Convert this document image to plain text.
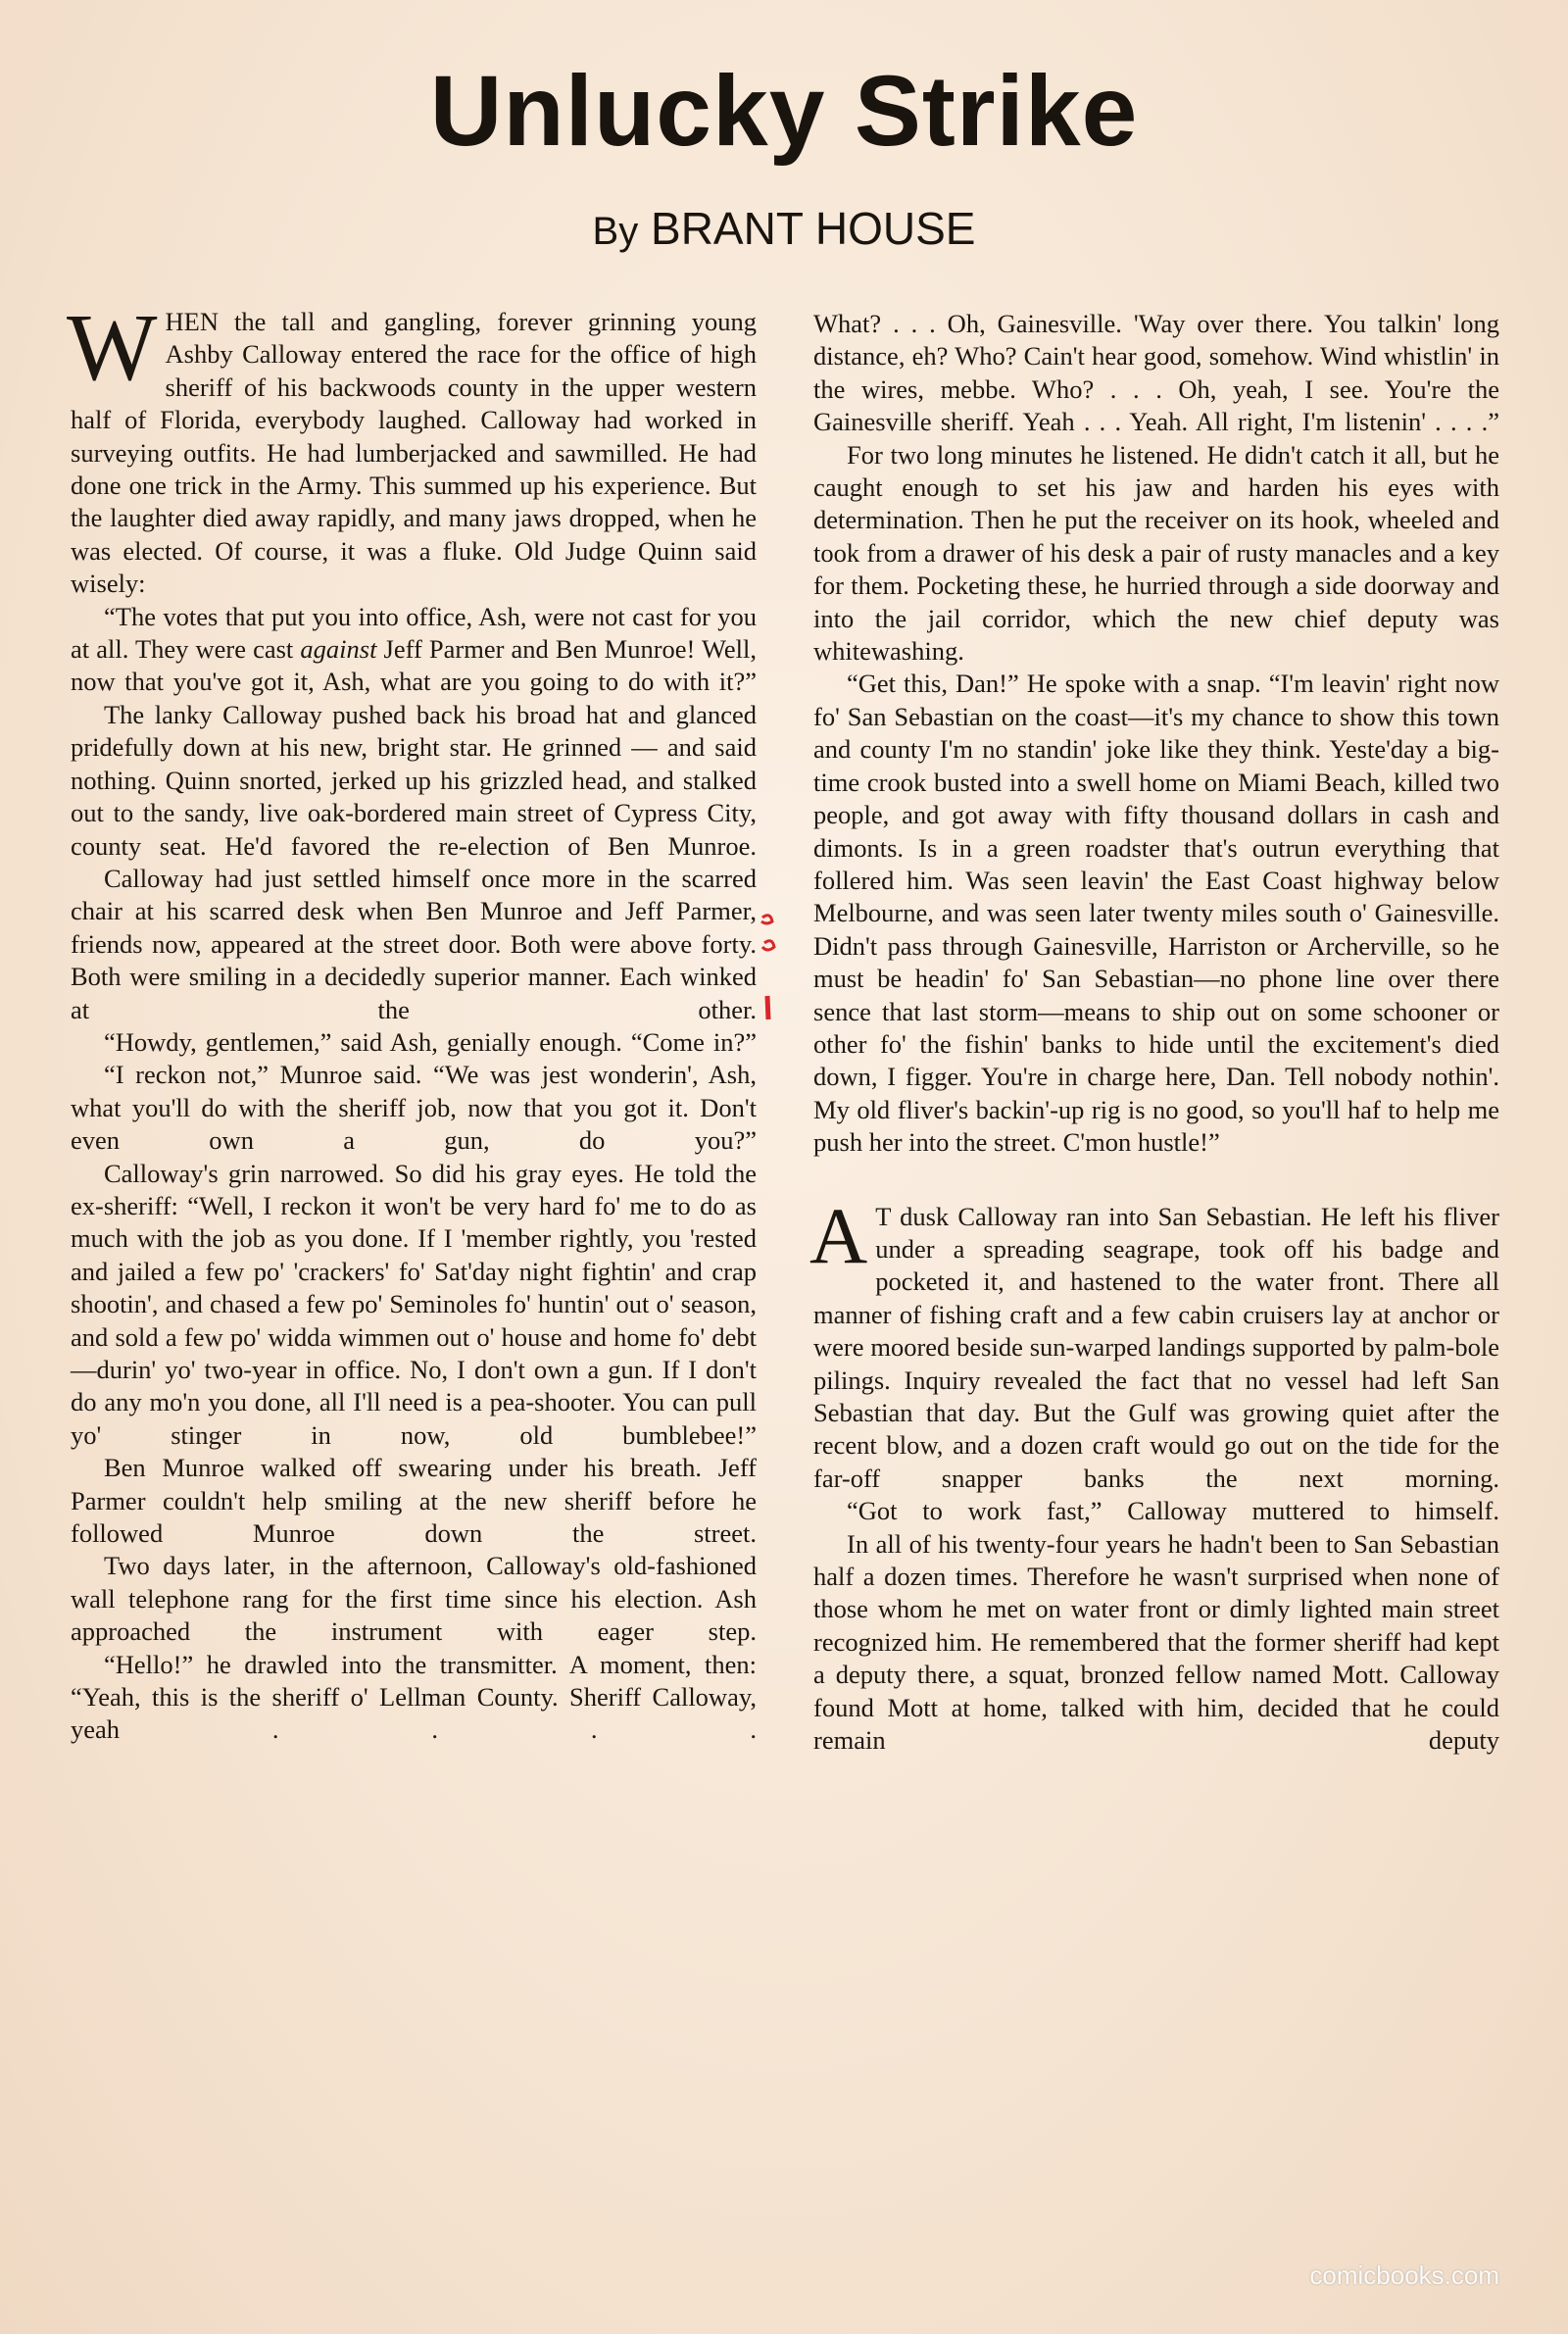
Unlucky Strike
By BRANT HOUSE

WHEN the tall and gangling, forever grinning young Ashby Calloway entered the race for the office of high sheriff of his backwoods county in the upper western half of Florida, everybody laughed. Calloway had worked in surveying outfits. He had lumberjacked and sawmilled. He had done one trick in the Army. This summed up his experience. But the laughter died away rapidly, and many jaws dropped, when he was elected. Of course, it was a fluke. Old Judge Quinn said wisely:

“The votes that put you into office, Ash, were not cast for you at all. They were cast against Jeff Parmer and Ben Munroe! Well, now that you've got it, Ash, what are you going to do with it?”

The lanky Calloway pushed back his broad hat and glanced pridefully down at his new, bright star. He grinned — and said nothing. Quinn snorted, jerked up his grizzled head, and stalked out to the sandy, live oak-bordered main street of Cypress City, county seat. He'd favored the re-election of Ben Munroe.

Calloway had just settled himself once more in the scarred chair at his scarred desk when Ben Munroe and Jeff Parmer, friends now, appeared at the street door. Both were above forty. Both were smiling in a decidedly superior manner. Each winked at the other.

“Howdy, gentlemen,” said Ash, genially enough. “Come in?”

“I reckon not,” Munroe said. “We was jest wonderin', Ash, what you'll do with the sheriff job, now that you got it. Don't even own a gun, do you?”

Calloway's grin narrowed. So did his gray eyes. He told the ex-sheriff: “Well, I reckon it won't be very hard fo' me to do as much with the job as you done. If I 'member rightly, you 'rested and jailed a few po' 'crackers' fo' Sat'day night fightin' and crap shootin', and chased a few po' Seminoles fo' huntin' out o' season, and sold a few po' widda wimmen out o' house and home fo' debt—durin' yo' two-year in office. No, I don't own a gun. If I don't do any mo'n you done, all I'll need is a pea-shooter. You can pull yo' stinger in now, old bumblebee!”

Ben Munroe walked off swearing under his breath. Jeff Parmer couldn't help smiling at the new sheriff before he followed Munroe down the street.

Two days later, in the afternoon, Calloway's old-fashioned wall telephone rang for the first time since his election. Ash approached the instrument with eager step.

“Hello!” he drawled into the transmitter. A moment, then: “Yeah, this is the sheriff o' Lellman County. Sheriff Calloway, yeah . . . .

What? . . . Oh, Gainesville. 'Way over there. You talkin' long distance, eh? Who? Cain't hear good, somehow. Wind whistlin' in the wires, mebbe. Who? . . . Oh, yeah, I see. You're the Gainesville sheriff. Yeah . . . Yeah. All right, I'm listenin' . . . .”

For two long minutes he listened. He didn't catch it all, but he caught enough to set his jaw and harden his eyes with determination. Then he put the receiver on its hook, wheeled and took from a drawer of his desk a pair of rusty manacles and a key for them. Pocketing these, he hurried through a side doorway and into the jail corridor, which the new chief deputy was whitewashing.

“Get this, Dan!” He spoke with a snap. “I'm leavin' right now fo' San Sebastian on the coast—it's my chance to show this town and county I'm no standin' joke like they think. Yeste'day a big-time crook busted into a swell home on Miami Beach, killed two people, and got away with fifty thousand dollars in cash and dimonts. Is in a green roadster that's outrun everything that follered him. Was seen leavin' the East Coast highway below Melbourne, and was seen later twenty miles south o' Gainesville. Didn't pass through Gainesville, Harriston or Archerville, so he must be headin' fo' San Sebastian—no phone line over there sence that last storm—means to ship out on some schooner or other fo' the fishin' banks to hide until the excitement's died down, I figger. You're in charge here, Dan. Tell nobody nothin'. My old fliver's backin'-up rig is no good, so you'll haf to help me push her into the street. C'mon hustle!”

A T dusk Calloway ran into San Sebastian. He left his fliver under a spreading seagrape, took off his badge and pocketed it, and hastened to the water front. There all manner of fishing craft and a few cabin cruisers lay at anchor or were moored beside sun-warped landings supported by palm-bole pilings. Inquiry revealed the fact that no vessel had left San Sebastian that day. But the Gulf was growing quiet after the recent blow, and a dozen craft would go out on the tide for the far-off snapper banks the next morning.

“Got to work fast,” Calloway muttered to himself.

In all of his twenty-four years he hadn't been to San Sebastian half a dozen times. Therefore he wasn't surprised when none of those whom he met on water front or dimly lighted main street recognized him. He remembered that the former sheriff had kept a deputy there, a squat, bronzed fellow named Mott. Calloway found Mott at home, talked with him, decided that he could remain deputy

comicbooks.com
